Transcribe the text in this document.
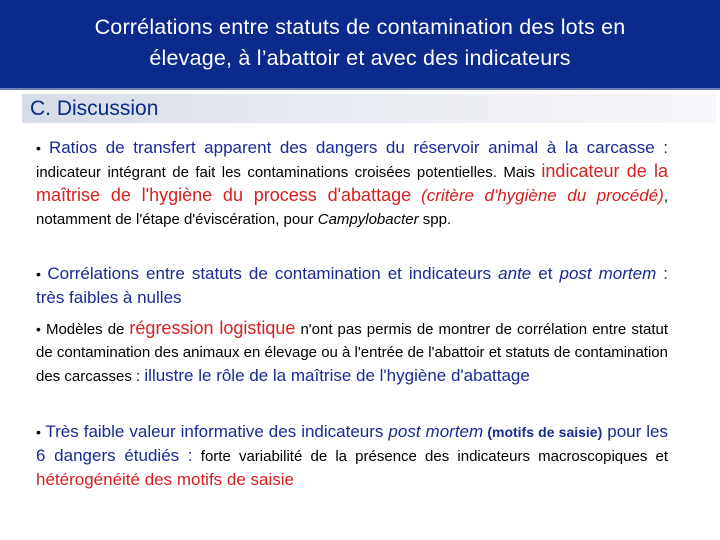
Corrélations entre statuts de contamination des lots en
élevage, à l’abattoir et avec des indicateurs
C. Discussion
• Ratios de transfert apparent des dangers du réservoir animal à la carcasse : indicateur intégrant de fait les contaminations croisées potentielles. Mais indicateur de la maîtrise de l'hygiène du process d'abattage (critère d'hygiène du procédé), notamment de l'étape d'éviscération, pour Campylobacter spp.
• Corrélations entre statuts de contamination et indicateurs ante et post mortem : très faibles à nulles
• Modèles de régression logistique n'ont pas permis de montrer de corrélation entre statut de contamination des animaux en élevage ou à l'entrée de l'abattoir et statuts de contamination des carcasses : illustre le rôle de la maîtrise de l'hygiène d'abattage
• Très faible valeur informative des indicateurs post mortem (motifs de saisie) pour les 6 dangers étudiés : forte variabilité de la présence des indicateurs macroscopiques et hétérogénéité des motifs de saisie
